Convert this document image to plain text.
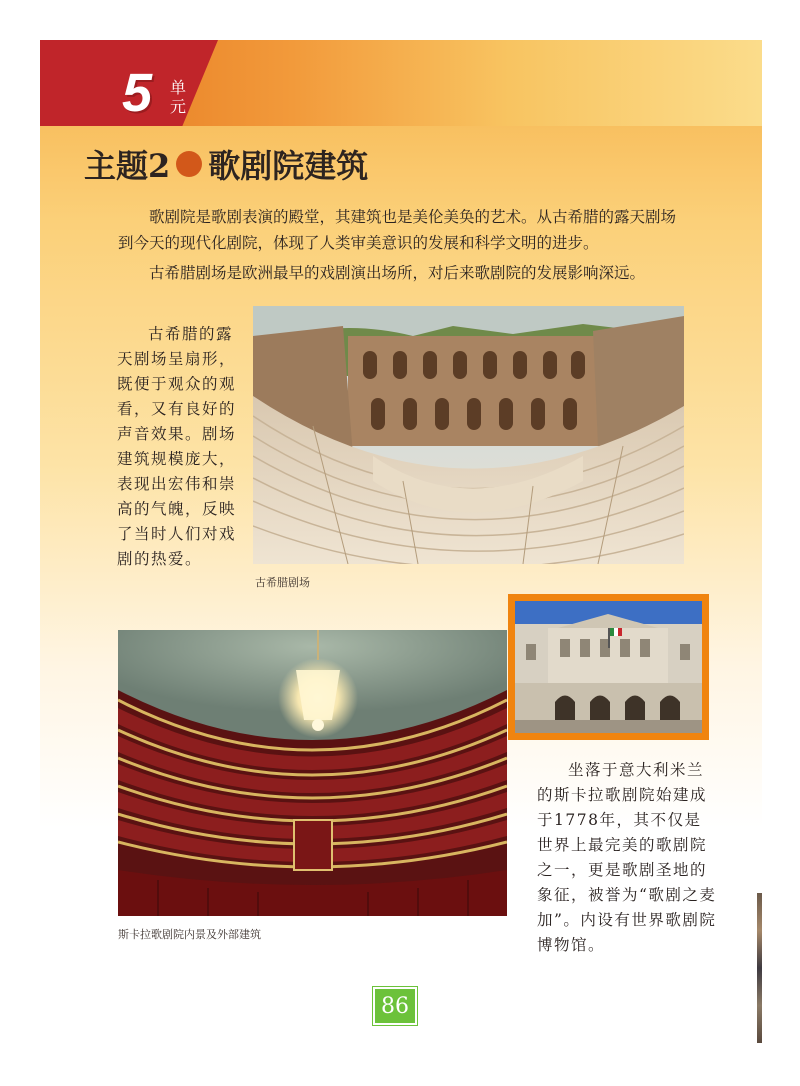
5 单元
主题2 歌剧院建筑

歌剧院是歌剧表演的殿堂，其建筑也是美伦美奂的艺术。从古希腊的露天剧场到今天的现代化剧院，体现了人类审美意识的发展和科学文明的进步。

古希腊剧场是欧洲最早的戏剧演出场所，对后来歌剧院的发展影响深远。

古希腊的露天剧场呈扇形，既便于观众的观看，又有良好的声音效果。剧场建筑规模庞大，表现出宏伟和崇高的气魄，反映了当时人们对戏剧的热爱。

古希腊剧场
斯卡拉歌剧院内景及外部建筑

坐落于意大利米兰的斯卡拉歌剧院始建成于1778年，其不仅是世界上最完美的歌剧院之一，更是歌剧圣地的象征，被誉为“歌剧之麦加”。内设有世界歌剧院博物馆。

86
